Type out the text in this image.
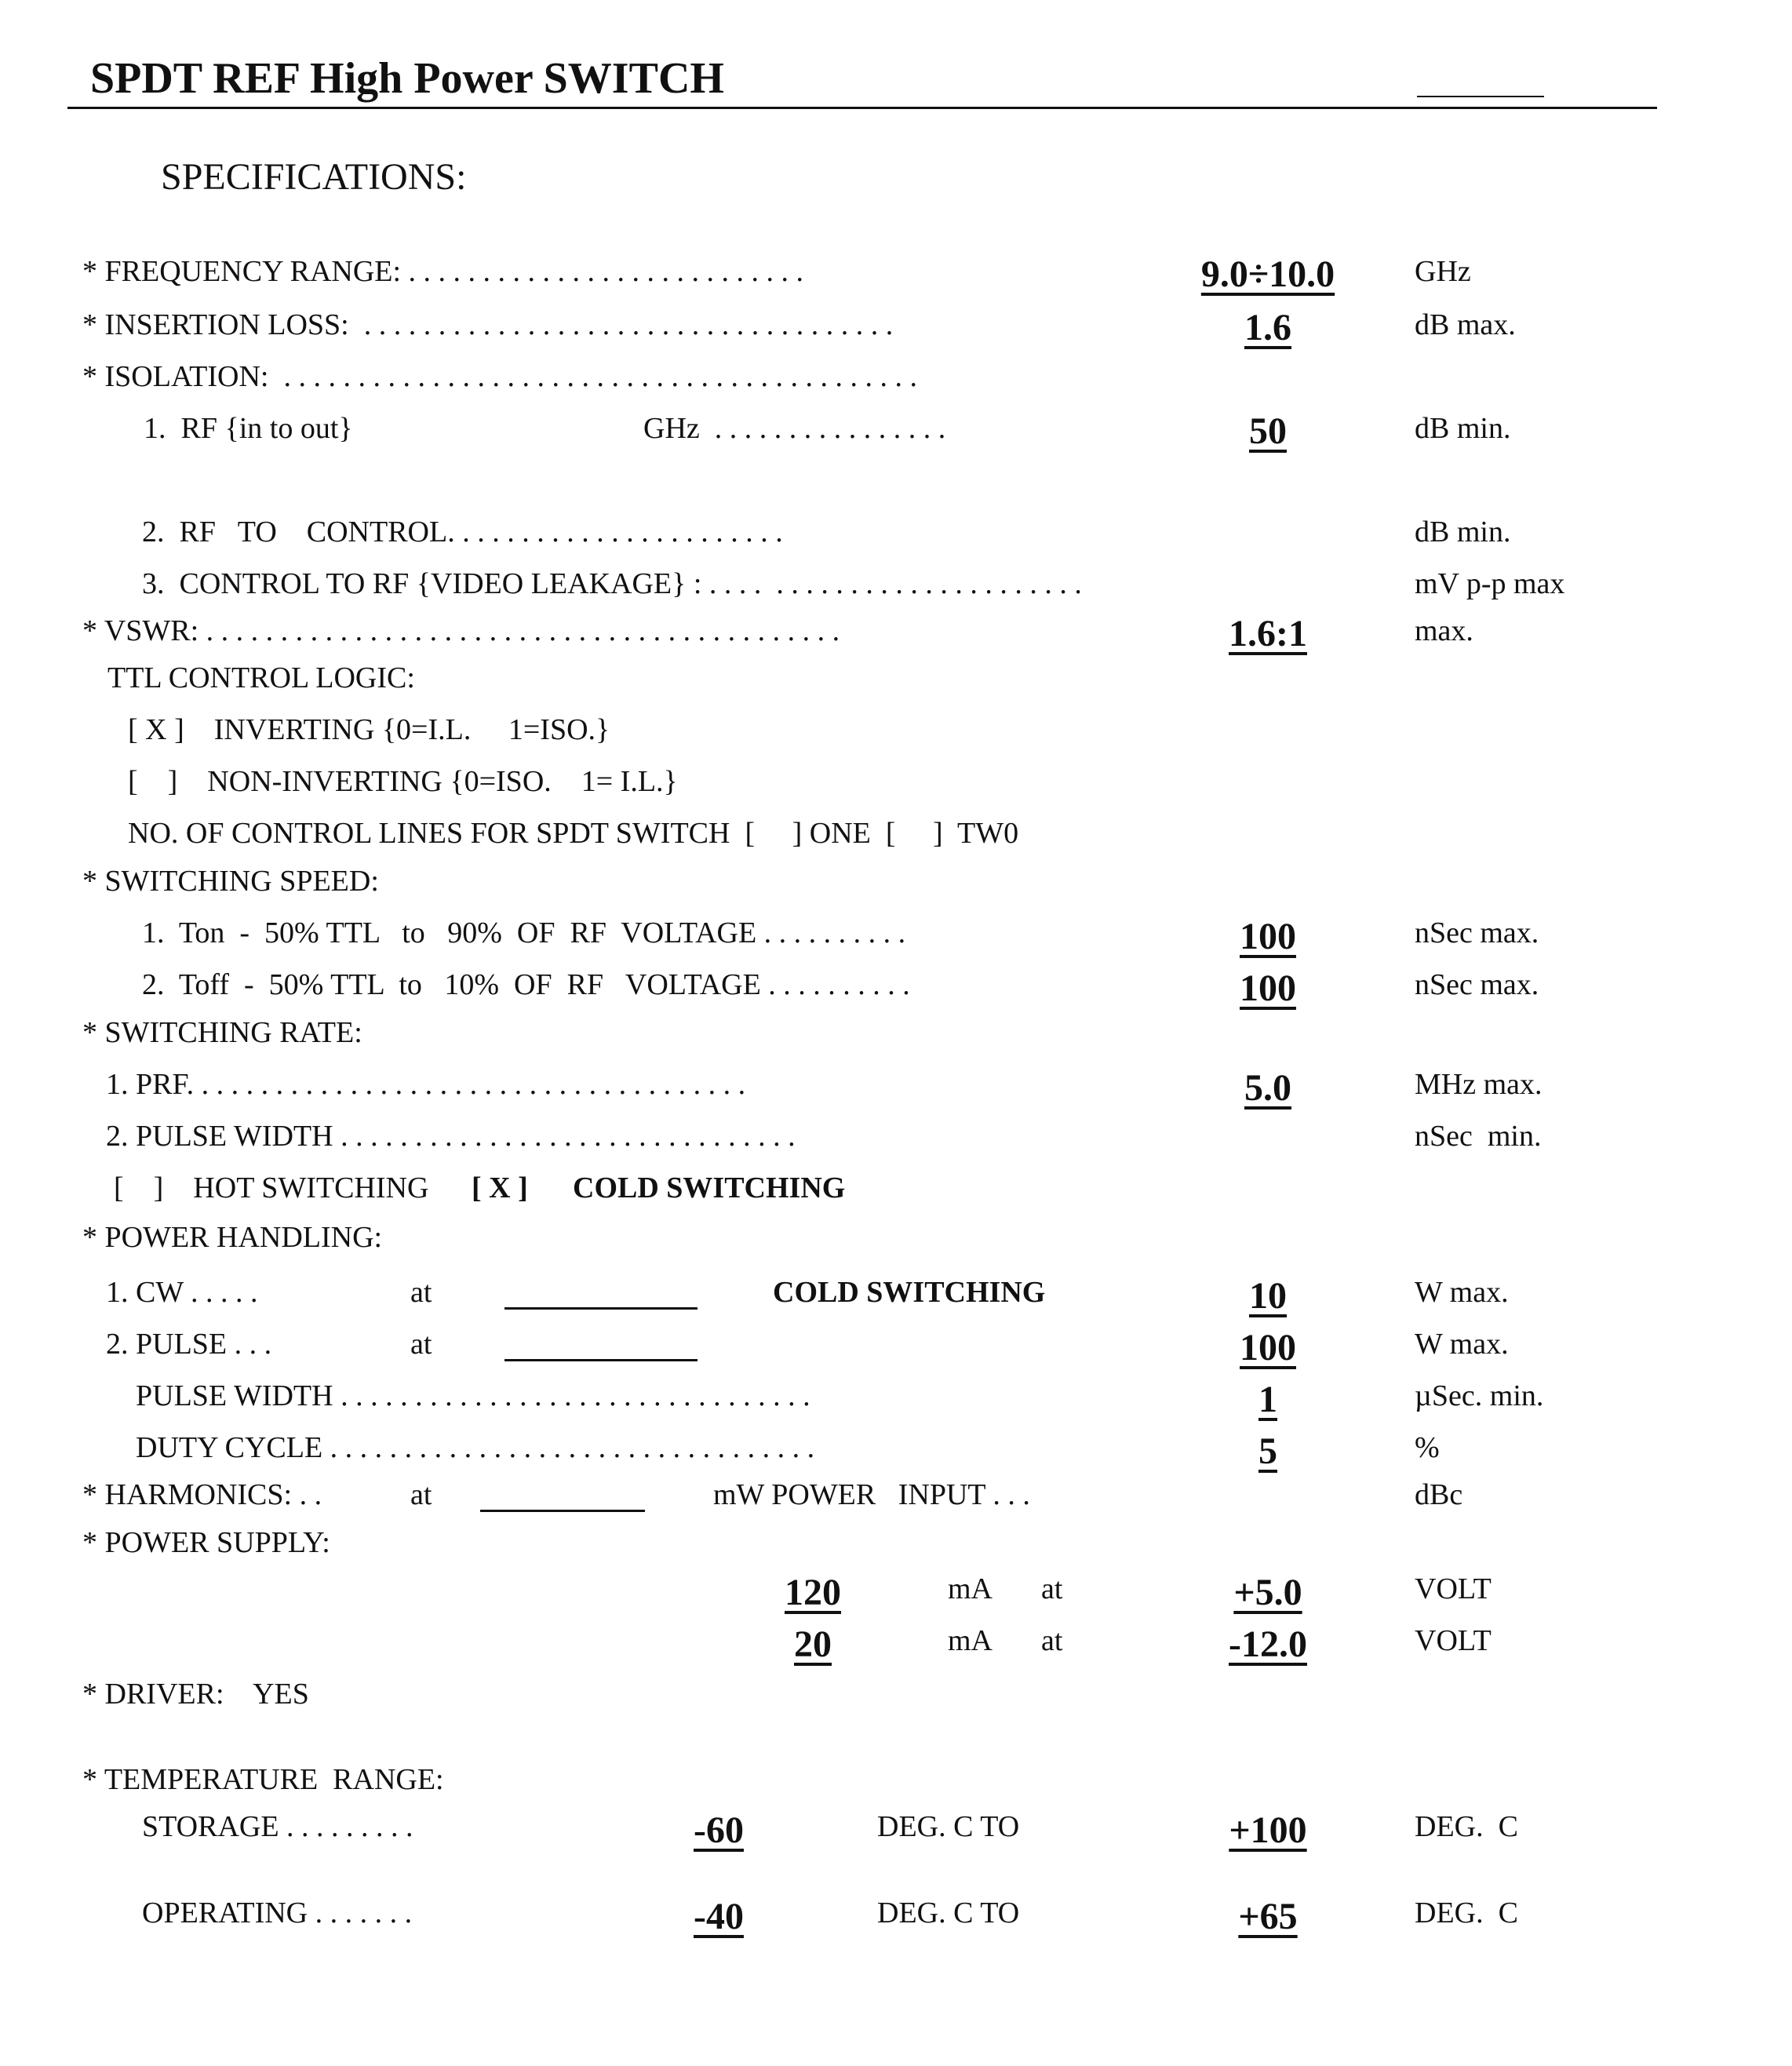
SPDT REF High Power SWITCH
SPECIFICATIONS:
* FREQUENCY RANGE: . . . . . . . . . . . . . . . . . . . . . . . . . . .	9.0÷10.0	GHz
* INSERTION LOSS:  . . . . . . . . . . . . . . . . . . . . . . . . . . . . . . . . . . . .	1.6	dB max.
* ISOLATION:  . . . . . . . . . . . . . . . . . . . . . . . . . . . . . . . . . . . . . . . . . . .
1.  RF {in to out}	GHz  . . . . . . . . . . . . . . . .	50	dB min.
2.  RF   TO    CONTROL. . . . . . . . . . . . . . . . . . . . . . .	dB min.
3.  CONTROL TO RF {VIDEO LEAKAGE} : . . . .  . . . . . . . . . . . . . . . . . . . . .	mV p-p max
* VSWR: . . . . . . . . . . . . . . . . . . . . . . . . . . . . . . . . . . . . . . . . . . .	1.6:1	max.
TTL CONTROL LOGIC:
[ X ]    INVERTING {0=I.L.     1=ISO.}
[    ]    NON-INVERTING {0=ISO.    1= I.L.}
NO. OF CONTROL LINES FOR SPDT SWITCH  [     ] ONE  [     ]  TW0
* SWITCHING SPEED:
1.  Ton  -  50% TTL   to   90%  OF  RF  VOLTAGE . . . . . . . . . .	100	nSec max.
2.  Toff  -  50% TTL  to   10%  OF  RF   VOLTAGE . . . . . . . . . .	100	nSec max.
* SWITCHING RATE:
1. PRF. . . . . . . . . . . . . . . . . . . . . . . . . . . . . . . . . . . . . .	5.0	MHz max.
2. PULSE WIDTH . . . . . . . . . . . . . . . . . . . . . . . . . . . . . . .	nSec  min.
[    ]    HOT SWITCHING [ X ] COLD SWITCHING
* POWER HANDLING:
1. CW . . . . .	at	COLD SWITCHING	10	W max.
2. PULSE . . .	at	100	W max.
PULSE WIDTH . . . . . . . . . . . . . . . . . . . . . . . . . . . . . . . .	1	µSec. min.
DUTY CYCLE . . . . . . . . . . . . . . . . . . . . . . . . . . . . . . . . .	5	%
* HARMONICS: . .	at	mW POWER   INPUT . . .	dBc
* POWER SUPPLY:
120	mA at	+5.0	VOLT
20	mA at	-12.0	VOLT
* DRIVER:    YES
* TEMPERATURE  RANGE:
STORAGE . . . . . . . . .	-60	DEG. C TO	+100	DEG.  C
OPERATING . . . . . . .	-40	DEG. C TO	+65	DEG.  C
